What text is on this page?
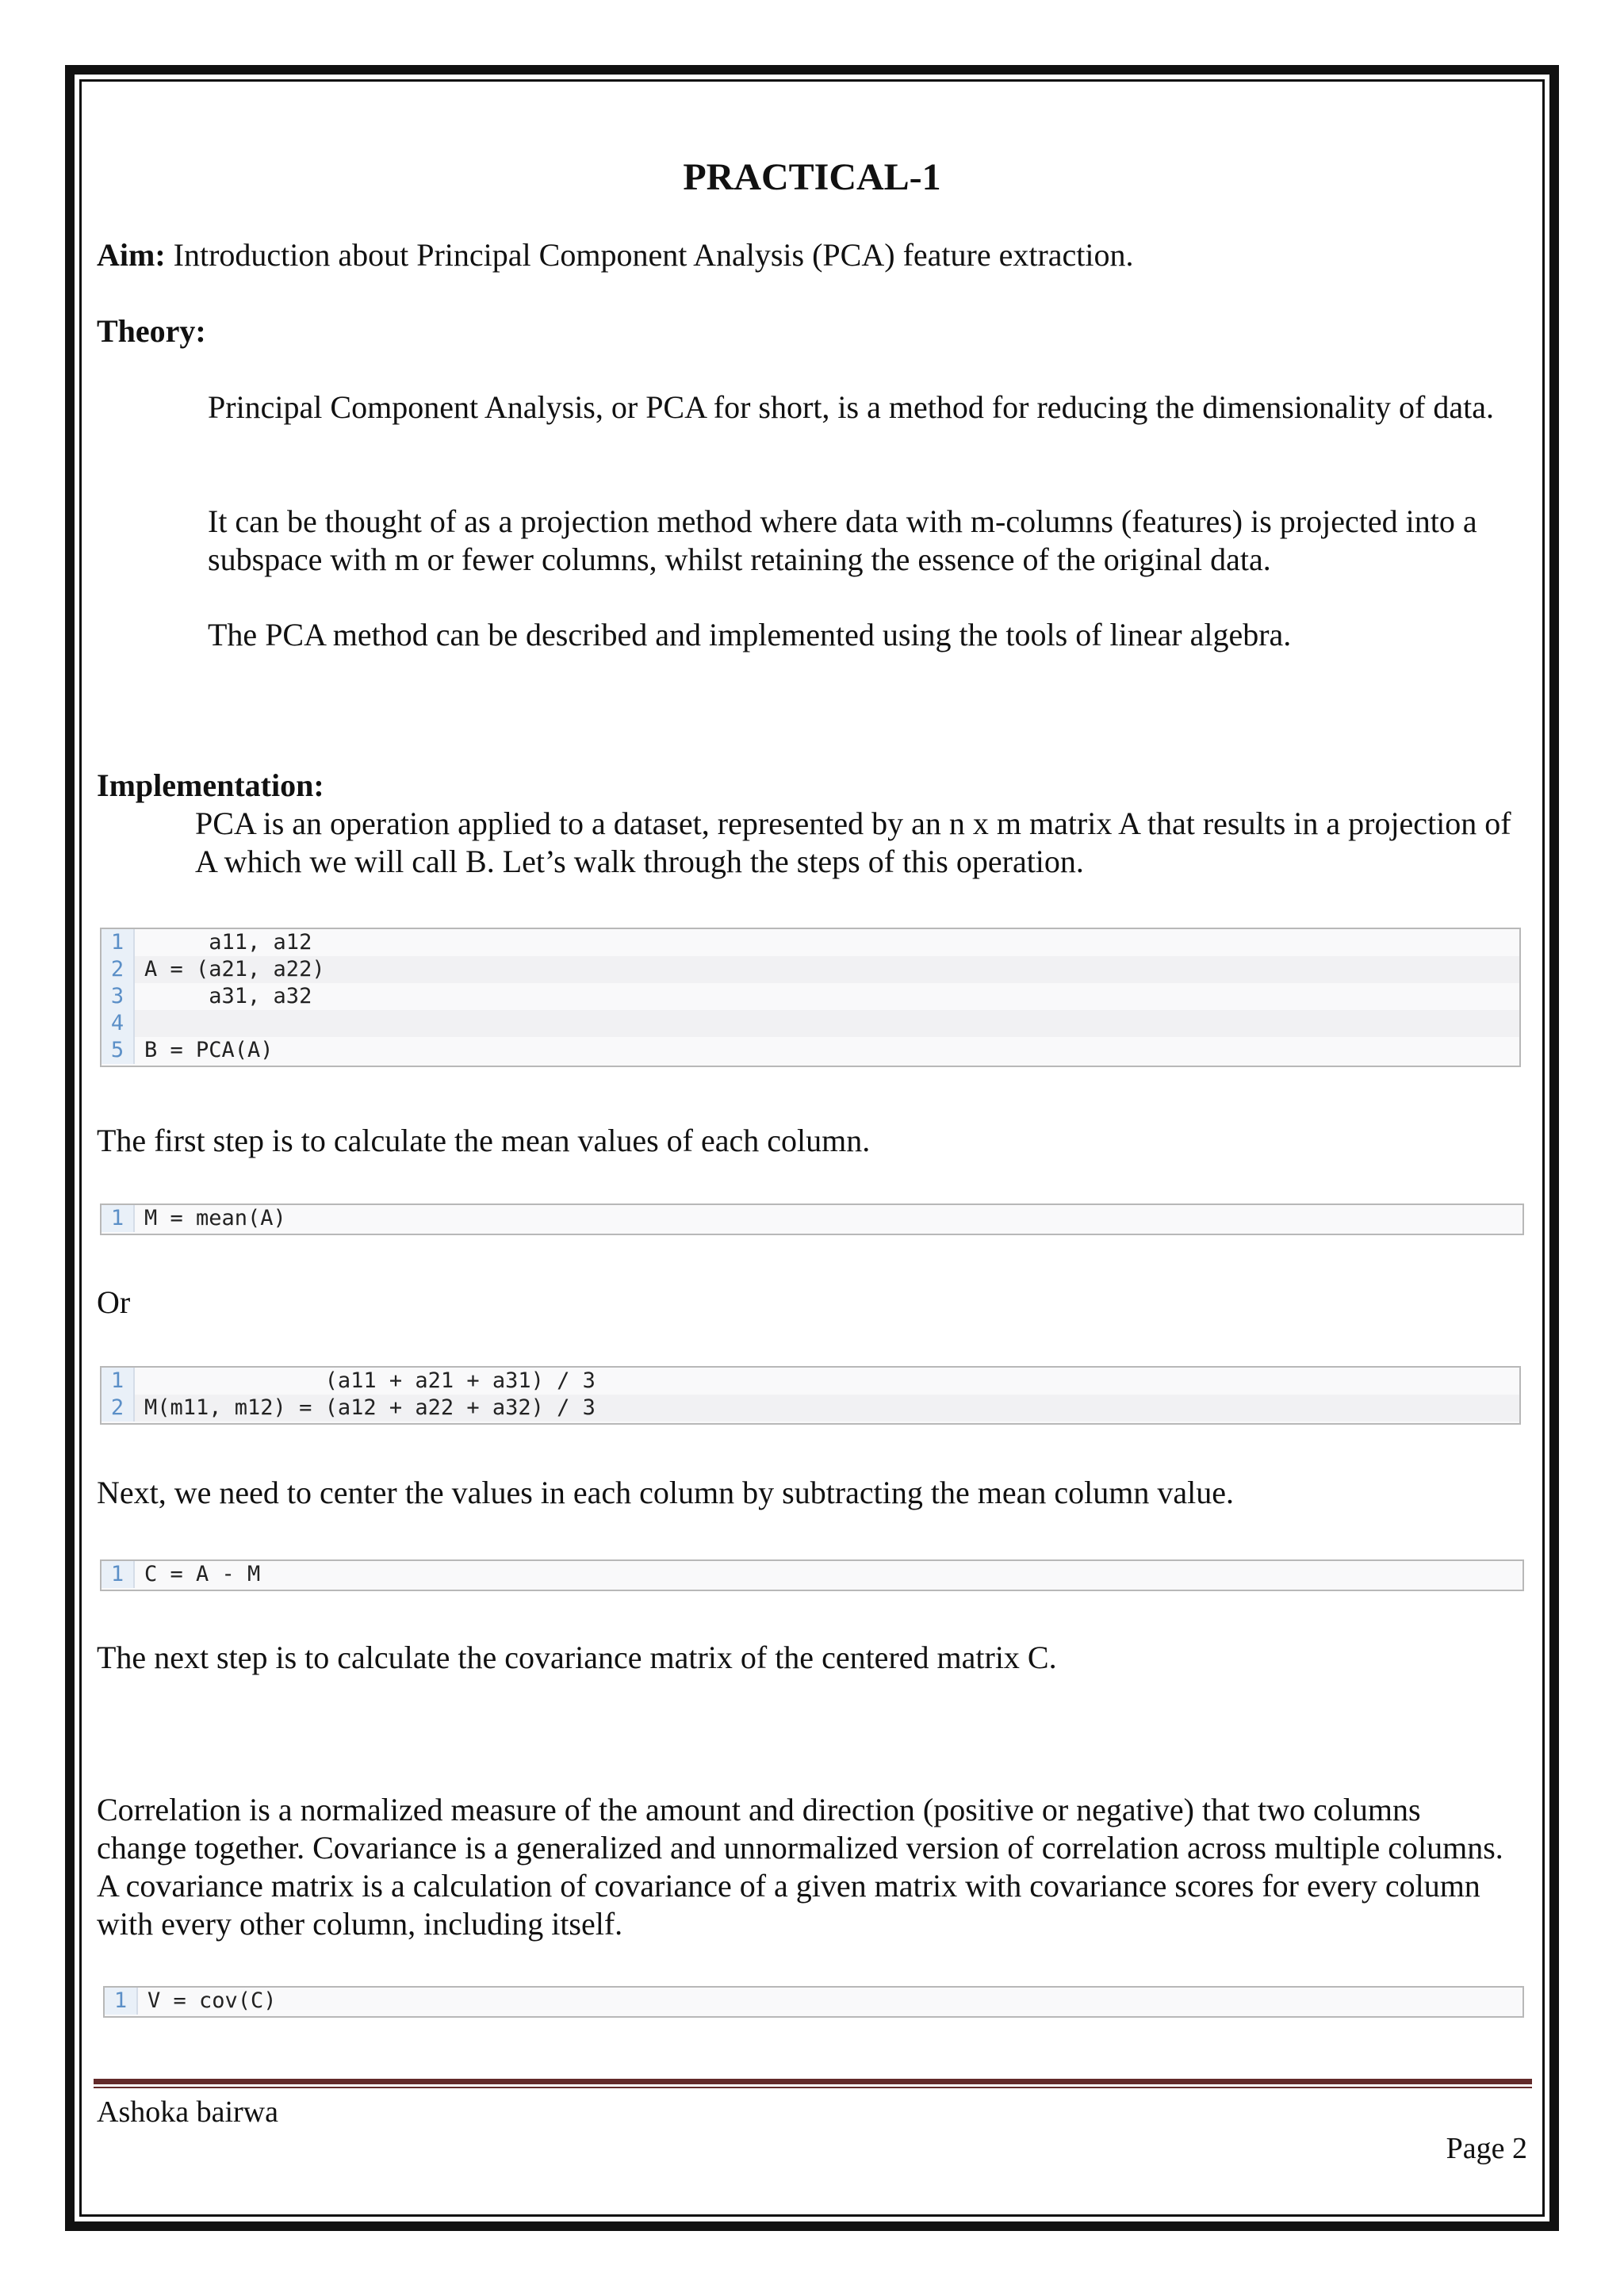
PRACTICAL-1
Aim: Introduction about Principal Component Analysis (PCA) feature extraction.
Theory:
Principal Component Analysis, or PCA for short, is a method for reducing the dimensionality of data.
It can be thought of as a projection method where data with m-columns (features) is projected into a subspace with m or fewer columns, whilst retaining the essence of the original data.
The PCA method can be described and implemented using the tools of linear algebra.
Implementation:
PCA is an operation applied to a dataset, represented by an n x m matrix A that results in a projection of A which we will call B. Let’s walk through the steps of this operation.
1 a11, a12
2 A = (a21, a22)
3 a31, a32
4
5 B = PCA(A)
The first step is to calculate the mean values of each column.
1 M = mean(A)
Or
1 (a11 + a21 + a31) / 3
2 M(m11, m12) = (a12 + a22 + a32) / 3
Next, we need to center the values in each column by subtracting the mean column value.
1 C = A - M
The next step is to calculate the covariance matrix of the centered matrix C.
Correlation is a normalized measure of the amount and direction (positive or negative) that two columns change together. Covariance is a generalized and unnormalized version of correlation across multiple columns. A covariance matrix is a calculation of covariance of a given matrix with covariance scores for every column with every other column, including itself.
1 V = cov(C)
Ashoka bairwa
Page 2
